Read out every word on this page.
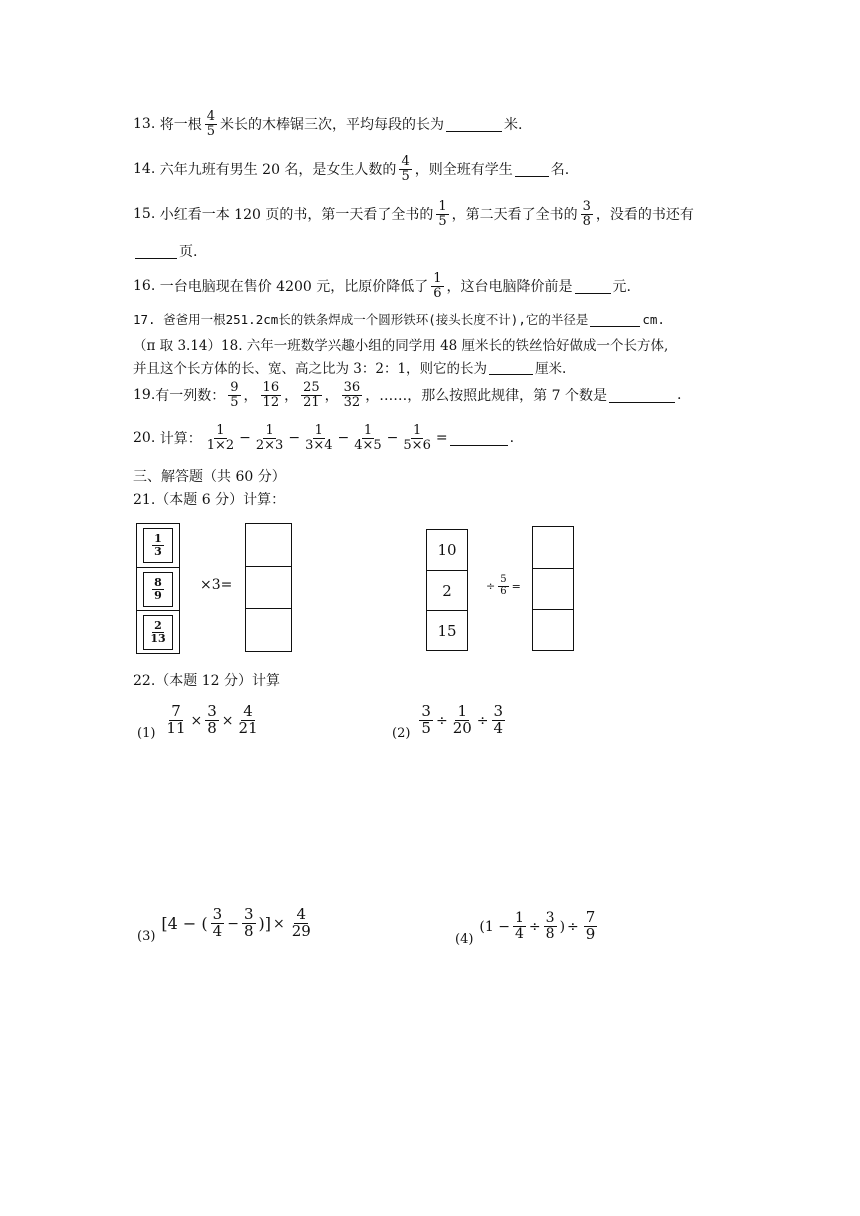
13.
将一根 $\frac{4}{5}$ 米长的木棒锯三次，平均每段的长为	米.
14.
六年九班有男生 20 名，是女生人数的 $\frac{4}{5}$ ，则全班有学生	名.
15.
小红看一本 120 页的书，第一天看了全书的 $\frac{1}{5}$ ，第二天看了全书的 $\frac{3}{8}$ ，没看的书还有
页.
16.
一台电脑现在售价 4200 元，比原价降低了 $\frac{1}{6}$ ，这台电脑降价前是	元.
17. 爸爸用一根251.2cm长的铁条焊成一个圆形铁环(接头长度不计),它的半径是	cm.
（π 取 3.14）18. 六年一班数学兴趣小组的同学用 48 厘米长的铁丝恰好做成一个长方体,
并且这个长方体的长、宽、高之比为 3：2：1，则它的长为	厘米.
19. 有一列数： $\frac{9}{5}$ ， $\frac{16}{12}$ ， $\frac{25}{21}$ ， $\frac{36}{32}$ ， ……， 那么按照此规律，第 7 个数是	.
20.
计算： $\frac{1}{1\times 2} - \frac{1}{2\times 3} - \frac{1}{3\times 4} - \frac{1}{4\times 5} - \frac{1}{5\times 6}$ =	.
三、解答题（共 60 分）
21.（本题 6 分）计算：
$\frac{1}{3}$
$\frac{8}{9}$
$\frac{2}{13}$
×3=
10
2
15
÷ $\frac{5}{6}$ =
22.（本题 12 分）计算
$(1) \frac{7}{11} \times \frac{3}{8} \times \frac{4}{21}$	$(2) \frac{3}{5} \div \frac{1}{20} \div \frac{3}{4}$
(3)
[4 − ( $\frac{3}{4} - \frac{3}{8}$ )] × $\frac{4}{29}$	(4)
($1 - \frac{1}{4} \div \frac{3}{8}$ ) ÷ $\frac{7}{9}$
